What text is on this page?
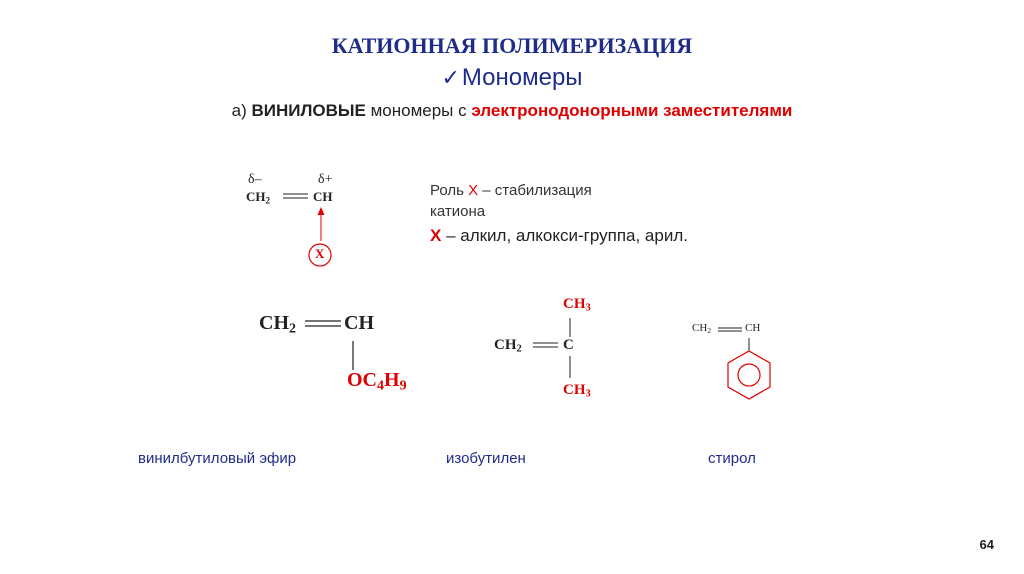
КАТИОННАЯ ПОЛИМЕРИЗАЦИЯ
✓Мономеры
а) ВИНИЛОВЫЕ мономеры с электронодонорными заместителями
δ–	δ+
$CH_2$	CH
X
Роль X – стабилизация
катиона
X – алкил, алкокси-группа, арил.
$CH_2$ CH
$OC_4H_9$
$CH_3$
$CH_2$	C
$CH_3$
$CH_2$	CH
винилбутиловый эфир	изобутилен	стирол
64
